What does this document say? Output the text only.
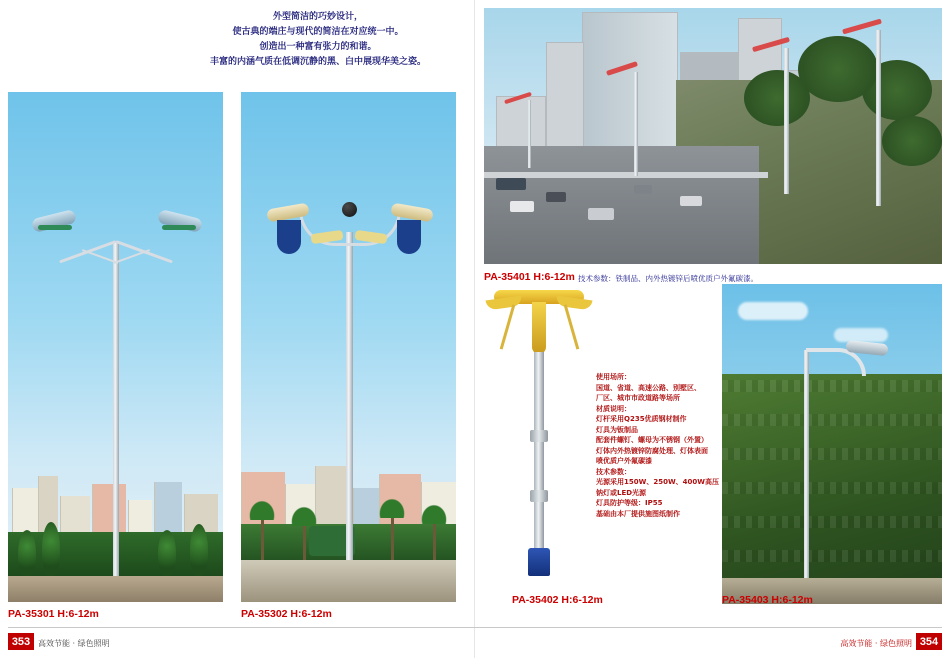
外型简洁的巧妙设计，
使古典的端庄与现代的简洁在对应统一中。
创造出一种富有张力的和谐。
丰富的内涵气质在低调沉静的黑、白中展现华美之姿。
PA-35301 H:6-12m	PA-35302 H:6-12m
PA-35401 H:6-12m 技术参数：铁制品、内外热镀锌后喷优质户外氟碳漆。
使用场所：
国道、省道、高速公路、别墅区、
厂区、城市市政道路等场所
材质说明：
灯杆采用Q235优质钢材制作
灯具为钣制品
配套件螺钉、螺母为不锈钢（外置）
灯体内外热镀锌防腐处理、灯体表面
喷优质户外氟碳漆
技术参数：
光源采用150W、250W、400W高压
钠灯或LED光源
灯具防护等级：IP55
基础由本厂提供施图纸制作
PA-35402 H:6-12m	PA-35403 H:6-12m
353 高效节能 · 绿色照明	354
高效节能 · 绿色照明
